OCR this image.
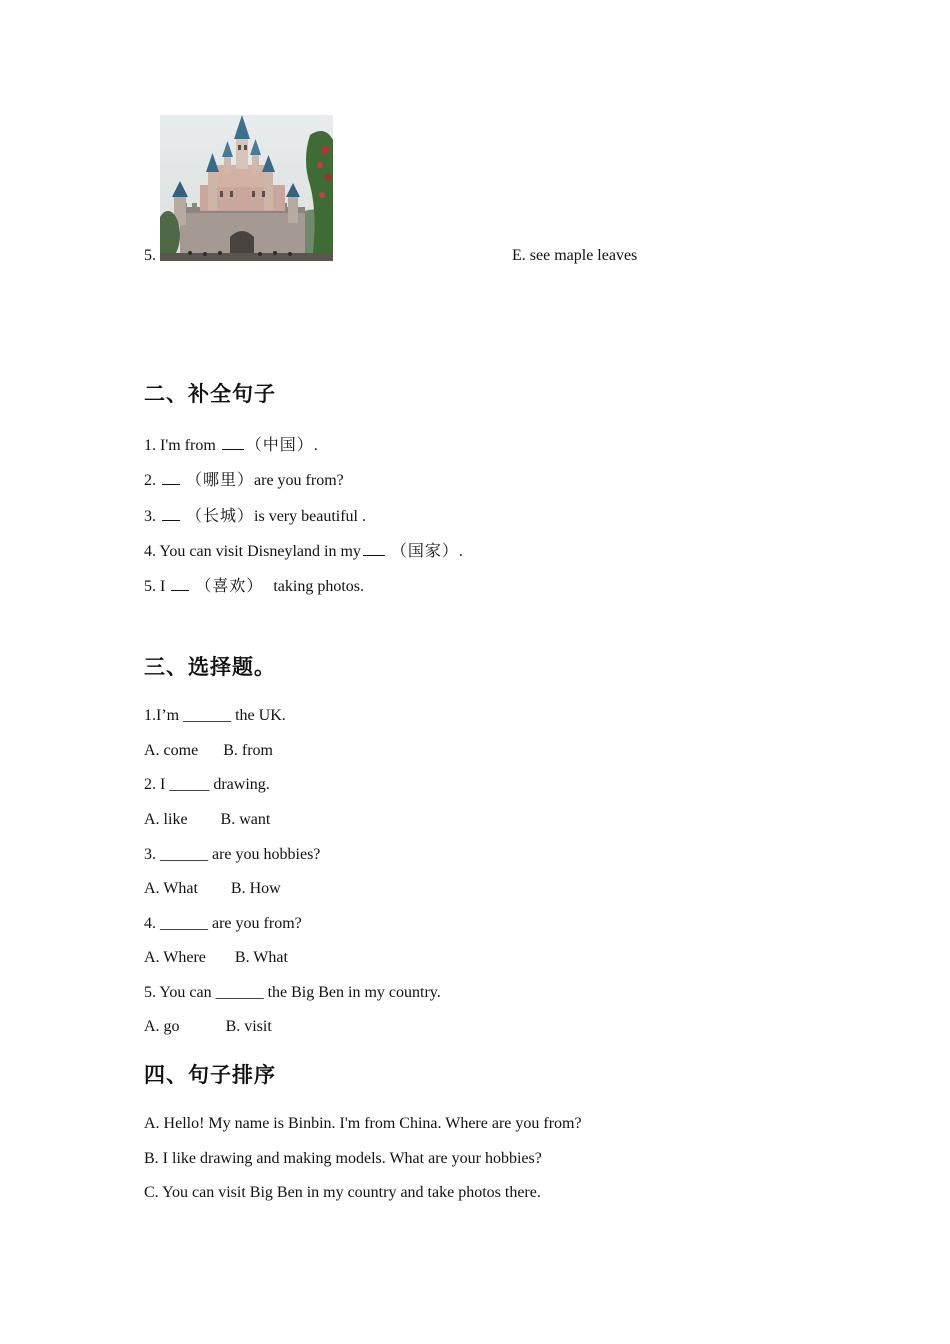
5.	E. see maple leaves
二、补全句子
1. I'm from （中国）.
2.  （哪里）are you from?
3.  （长城）is very beautiful .
4. You can visit Disneyland in my （国家）.
5. I  （喜欢） taking photos.
三、选择题。
1.I’m ______ the UK.
A. come B. from
2. I _____ drawing.
A. like B. want
3. ______ are you hobbies?
A. What B. How
4. ______ are you from?
A. Where B. What
5. You can ______ the Big Ben in my country.
A. go	B. visit
四、句子排序
A. Hello! My name is Binbin. I'm from China. Where are you from?
B. I like drawing and making models. What are your hobbies?
C. You can visit Big Ben in my country and take photos there.
